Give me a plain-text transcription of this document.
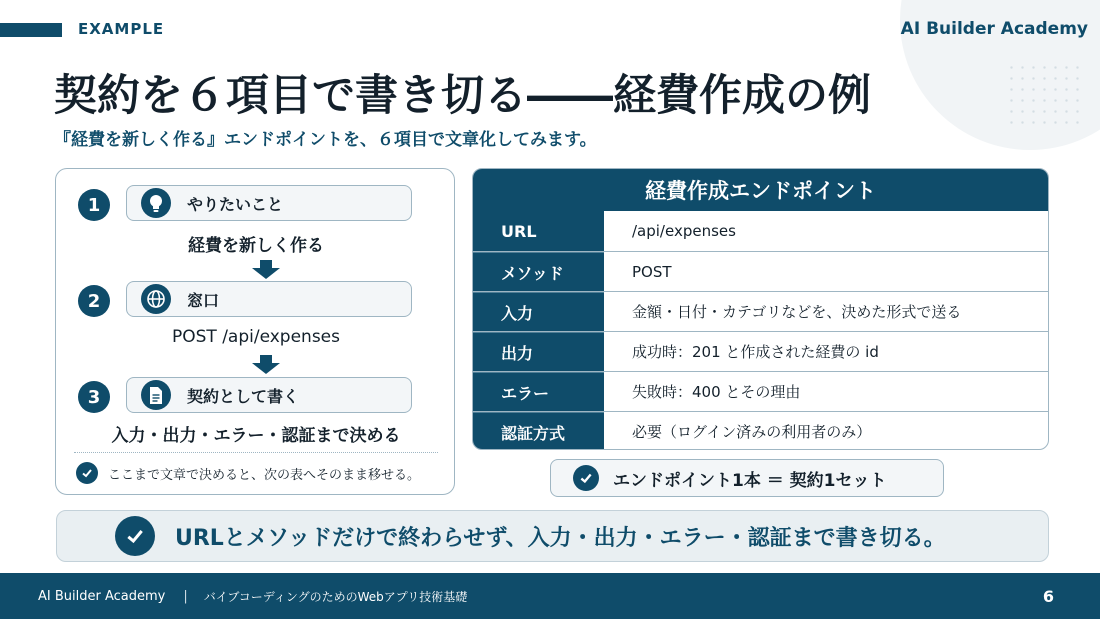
EXAMPLE	AI Builder Academy
契約を６項目で書き切る――経費作成の例
『経費を新しく作る』エンドポイントを、６項目で文章化してみます。
1	やりたいこと
経費を新しく作る
2	窓口
POST /api/expenses
3	契約として書く
入力・出力・エラー・認証まで決める
ここまで文章で決めると、次の表へそのまま移せる。
経費作成エンドポイント
URL	/api/expenses
メソッド	POST
入力	金額・日付・カテゴリなどを、決めた形式で送る
出力	成功時：201 と作成された経費の id
エラー	失敗時：400 とその理由
認証方式	必要（ログイン済みの利用者のみ）
エンドポイント1本 ＝ 契約1セット
URLとメソッドだけで終わらせず、入力・出力・エラー・認証まで書き切る。
AI Builder Academy | バイブコーディングのためのWebアプリ技術基礎	6
